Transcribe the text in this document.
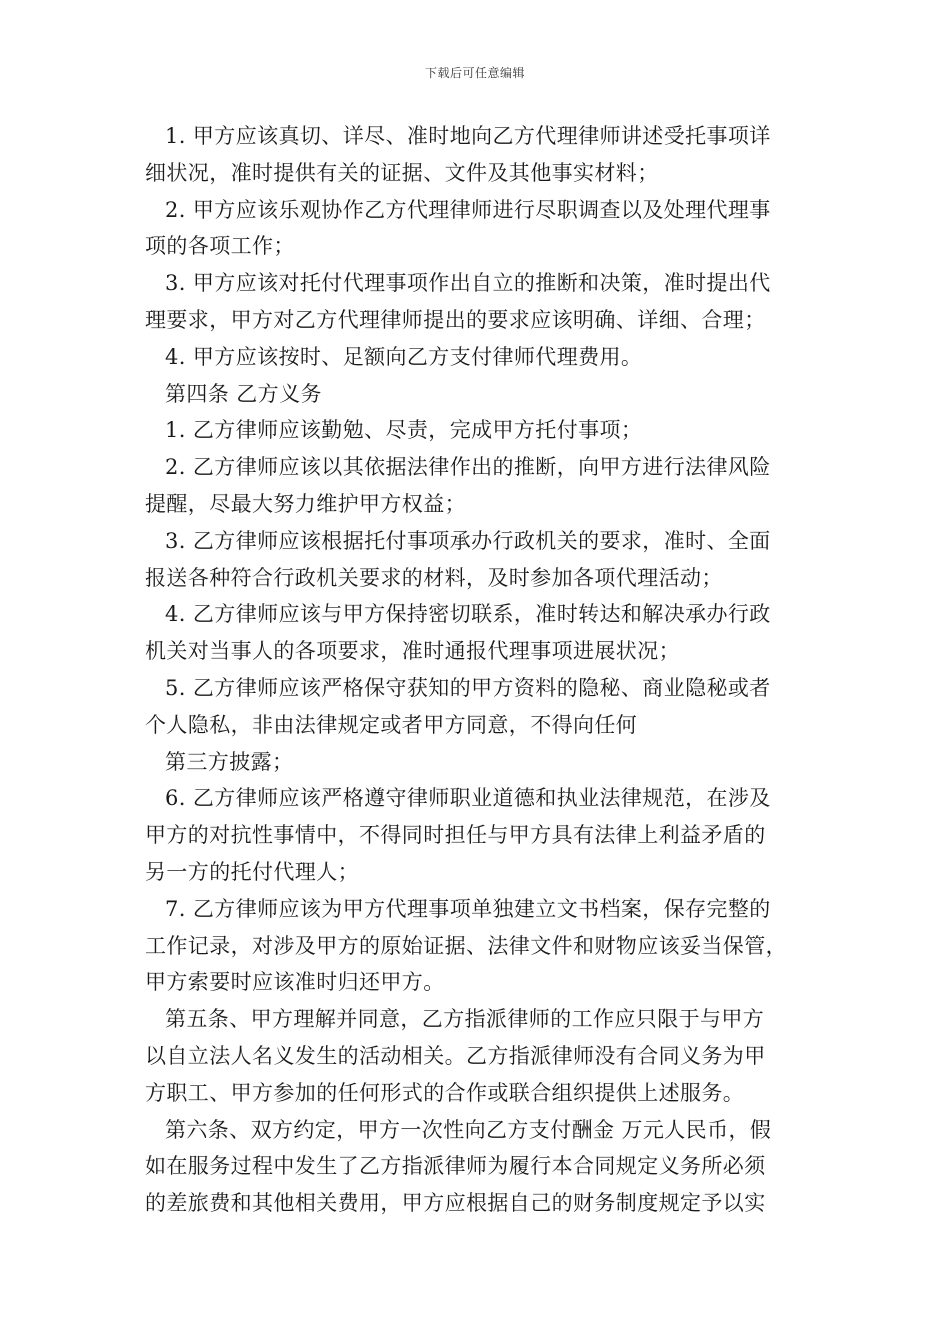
下载后可任意编辑
1. 甲方应该真切、详尽、准时地向乙方代理律师讲述受托事项详
细状况，准时提供有关的证据、文件及其他事实材料；
2. 甲方应该乐观协作乙方代理律师进行尽职调查以及处理代理事
项的各项工作；
3. 甲方应该对托付代理事项作出自立的推断和决策，准时提出代
理要求，甲方对乙方代理律师提出的要求应该明确、详细、合理；
4. 甲方应该按时、足额向乙方支付律师代理费用。
第四条 乙方义务
1. 乙方律师应该勤勉、尽责，完成甲方托付事项；
2. 乙方律师应该以其依据法律作出的推断，向甲方进行法律风险
提醒，尽最大努力维护甲方权益；
3. 乙方律师应该根据托付事项承办行政机关的要求，准时、全面
报送各种符合行政机关要求的材料，及时参加各项代理活动；
4. 乙方律师应该与甲方保持密切联系，准时转达和解决承办行政
机关对当事人的各项要求，准时通报代理事项进展状况；
5. 乙方律师应该严格保守获知的甲方资料的隐秘、商业隐秘或者
个人隐私，非由法律规定或者甲方同意，不得向任何
第三方披露；
6. 乙方律师应该严格遵守律师职业道德和执业法律规范，在涉及
甲方的对抗性事情中，不得同时担任与甲方具有法律上利益矛盾的
另一方的托付代理人；
7. 乙方律师应该为甲方代理事项单独建立文书档案，保存完整的
工作记录，对涉及甲方的原始证据、法律文件和财物应该妥当保管，
甲方索要时应该准时归还甲方。
第五条、甲方理解并同意，乙方指派律师的工作应只限于与甲方
以自立法人名义发生的活动相关。乙方指派律师没有合同义务为甲
方职工、甲方参加的任何形式的合作或联合组织提供上述服务。
第六条、双方约定，甲方一次性向乙方支付酬金 万元人民币，假
如在服务过程中发生了乙方指派律师为履行本合同规定义务所必须
的差旅费和其他相关费用，甲方应根据自己的财务制度规定予以实
